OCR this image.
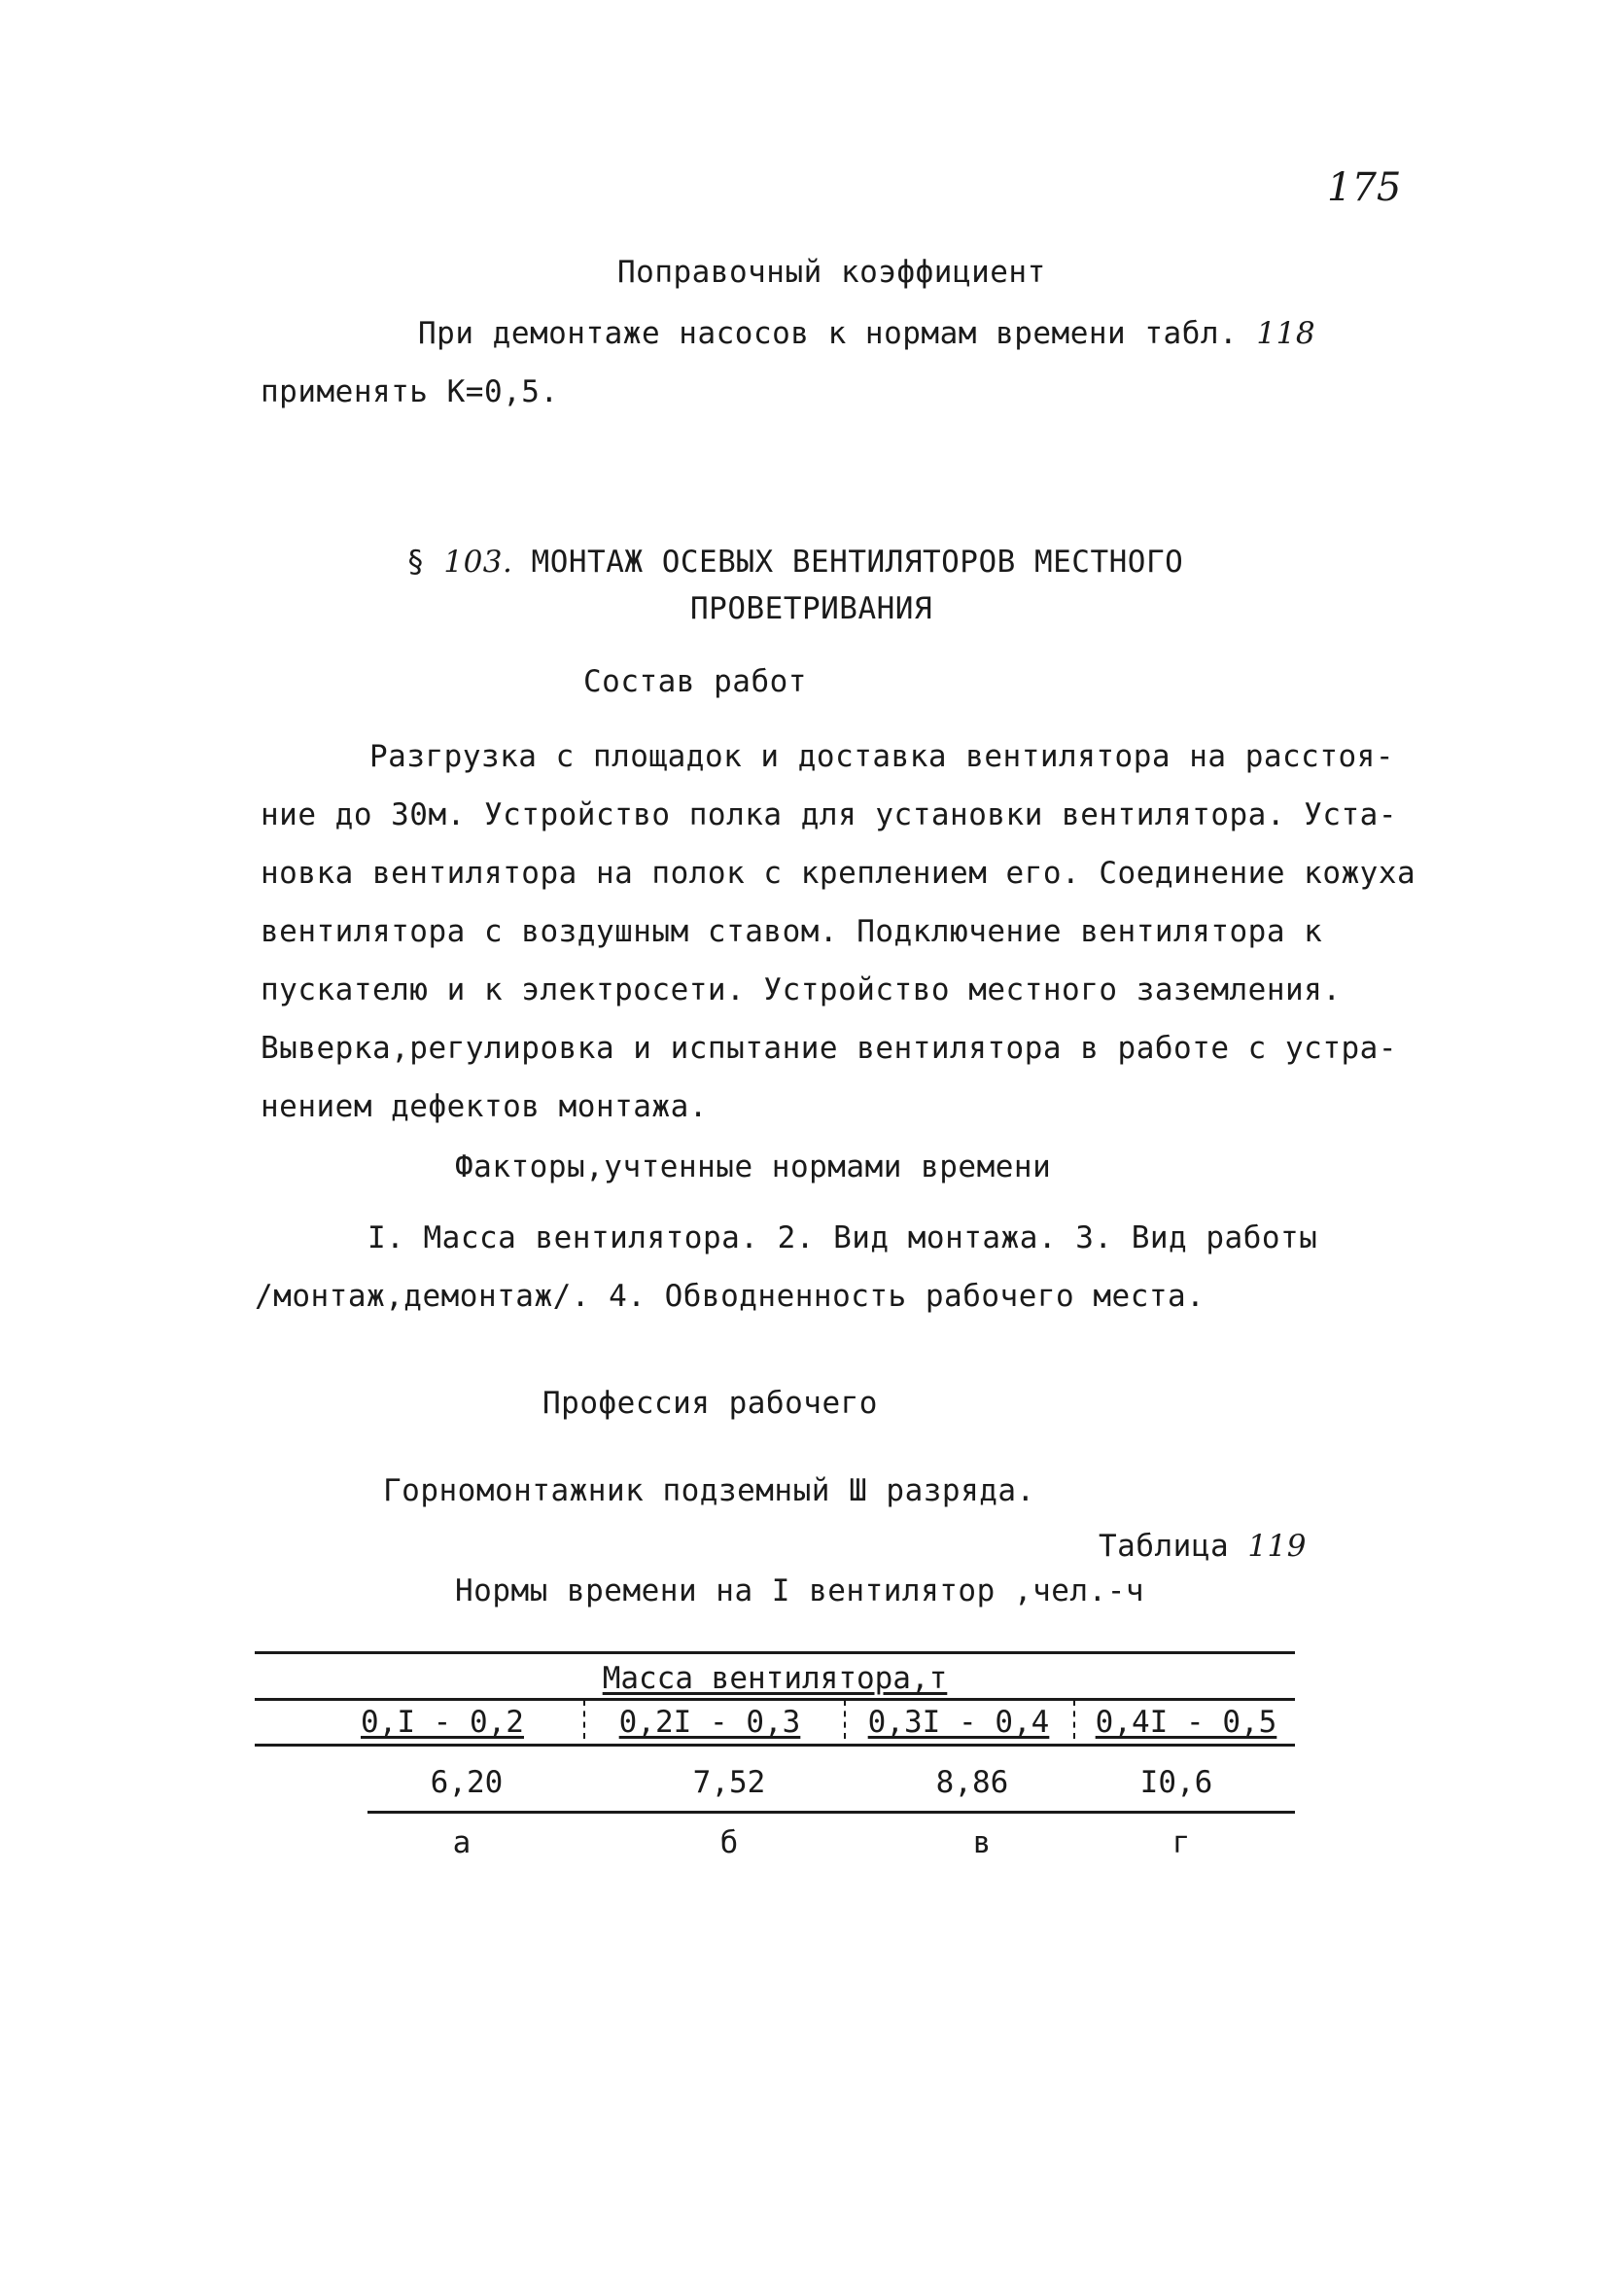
175
Поправочный коэффициент
При демонтаже насосов к нормам времени табл. 118
применять К=0,5.
§ 103. МОНТАЖ ОСЕВЫХ ВЕНТИЛЯТОРОВ МЕСТНОГО
ПРОВЕТРИВАНИЯ
Состав работ
Разгрузка с площадок и доставка вентилятора на расстоя-
ние до 30м. Устройство полка для установки вентилятора. Уста-
новка вентилятора на полок с креплением его. Соединение кожуха
вентилятора с воздушным ставом. Подключение вентилятора к
пускателю и к электросети. Устройство местного заземления.
Выверка,регулировка и испытание вентилятора в работе с устра-
нением дефектов монтажа.
Факторы,учтенные нормами времени
I. Масса вентилятора. 2. Вид монтажа. 3. Вид работы
/монтаж,демонтаж/. 4. Обводненность рабочего места.
Профессия рабочего
Горномонтажник подземный Ш разряда.
Таблица 119
Нормы времени на I вентилятор ,чел.-ч
Масса вентилятора,т
0,I - 0,2	0,2I - 0,3	0,3I - 0,4	0,4I - 0,5
6,20	7,52	8,86	I0,6
а	б	в	г
